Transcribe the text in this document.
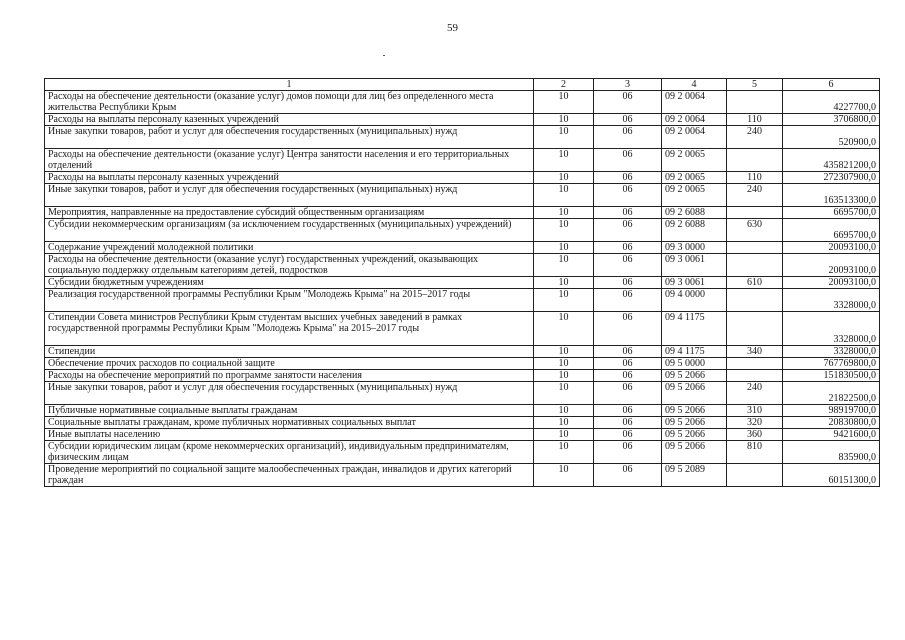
59
1	2	3	4	5	6
Расходы на обеспечение деятельности (оказание услуг) домов помощи для лиц без определенного места жительства Республики Крым	10	06	09 2 0064		4227700,0
Расходы на выплаты персоналу казенных учреждений	10	06	09 2 0064	110	3706800,0
Иные закупки товаров, работ и услуг для обеспечения государственных (муниципальных) нужд	10	06	09 2 0064	240	520900,0
Расходы на обеспечение деятельности (оказание услуг) Центра занятости населения и его территориальных отделений	10	06	09 2 0065		435821200,0
Расходы на выплаты персоналу казенных учреждений	10	06	09 2 0065	110	272307900,0
Иные закупки товаров, работ и услуг для обеспечения государственных (муниципальных) нужд	10	06	09 2 0065	240	163513300,0
Мероприятия, направленные на предоставление субсидий общественным организациям	10	06	09 2 6088		6695700,0
Субсидии некоммерческим организациям (за исключением государственных (муниципальных) учреждений)	10	06	09 2 6088	630	6695700,0
Содержание учреждений молодежной политики	10	06	09 3 0000		20093100,0
Расходы на обеспечение деятельности (оказание услуг) государственных учреждений, оказывающих социальную поддержку отдельным категориям детей, подростков	10	06	09 3 0061		20093100,0
Субсидии бюджетным учреждениям	10	06	09 3 0061	610	20093100,0
Реализация государственной программы Республики Крым "Молодежь Крыма" на 2015–2017 годы	10	06	09 4 0000		3328000,0
Стипендии Совета министров Республики Крым студентам высших учебных заведений в рамках государственной программы Республики Крым "Молодежь Крыма" на 2015–2017 годы	10	06	09 4 1175		3328000,0
Стипендии	10	06	09 4 1175	340	3328000,0
Обеспечение прочих расходов по социальной защите	10	06	09 5 0000		767769800,0
Расходы на обеспечение мероприятий по программе занятости населения	10	06	09 5 2066		151830500,0
Иные закупки товаров, работ и услуг для обеспечения государственных (муниципальных) нужд	10	06	09 5 2066	240	21822500,0
Публичные нормативные социальные выплаты гражданам	10	06	09 5 2066	310	98919700,0
Социальные выплаты гражданам, кроме публичных нормативных социальных выплат	10	06	09 5 2066	320	20830800,0
Иные выплаты населению	10	06	09 5 2066	360	9421600,0
Субсидии юридическим лицам (кроме некоммерческих организаций), индивидуальным предпринимателям, физическим лицам	10	06	09 5 2066	810	835900,0
Проведение мероприятий по социальной защите малообеспеченных граждан, инвалидов и других категорий граждан	10	06	09 5 2089		60151300,0
